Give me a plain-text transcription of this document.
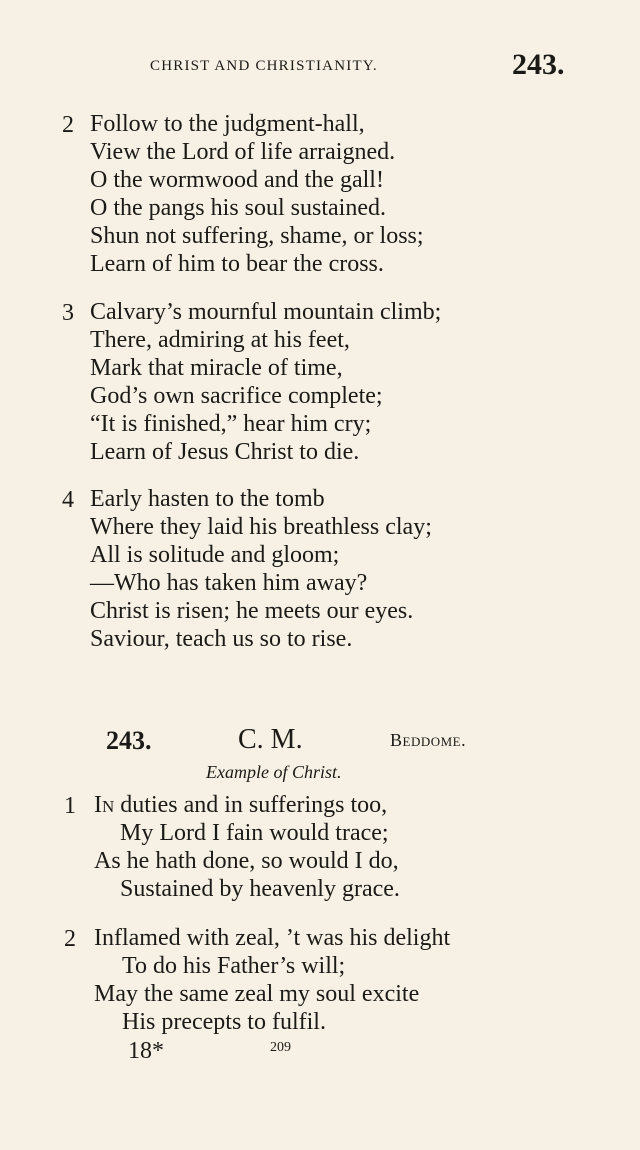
CHRIST AND CHRISTIANITY.	243.
2 Follow to the judgment-hall,
View the Lord of life arraigned.
O the wormwood and the gall!
O the pangs his soul sustained.
Shun not suffering, shame, or loss;
Learn of him to bear the cross.
3 Calvary’s mournful mountain climb;
There, admiring at his feet,
Mark that miracle of time,
God’s own sacrifice complete;
“It is finished,” hear him cry;
Learn of Jesus Christ to die.
4 Early hasten to the tomb
Where they laid his breathless clay;
All is solitude and gloom;
—Who has taken him away?
Christ is risen; he meets our eyes.
Saviour, teach us so to rise.
243.	C. M.	Beddome.
Example of Christ.
1 In duties and in sufferings too,
My Lord I fain would trace;
As he hath done, so would I do,
Sustained by heavenly grace.
2 Inflamed with zeal, ’t was his delight
To do his Father’s will;
May the same zeal my soul excite
His precepts to fulfil.
18*	209
